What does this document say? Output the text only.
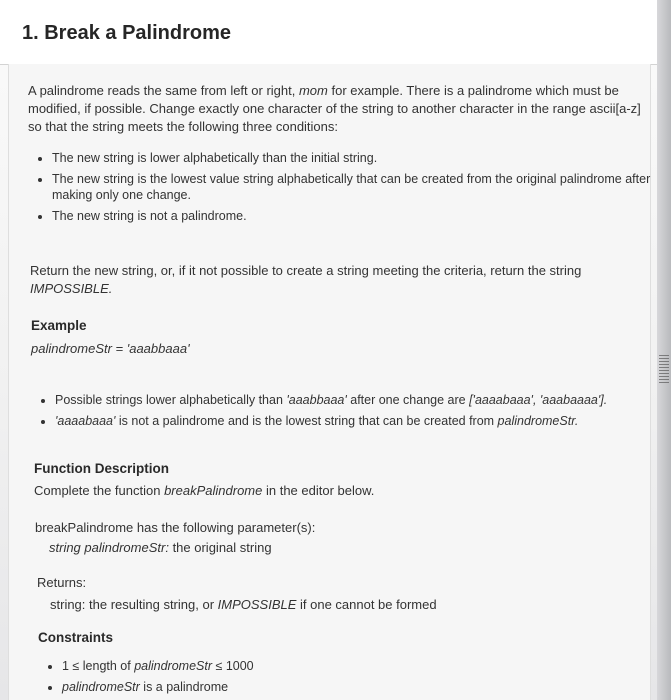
1. Break a Palindrome

A palindrome reads the same from left or right, mom for example. There is a palindrome which must be modified, if possible. Change exactly one character of the string to another character in the range ascii[a-z] so that the string meets the following three conditions:

• The new string is lower alphabetically than the initial string.
• The new string is the lowest value string alphabetically that can be created from the original palindrome after making only one change.
• The new string is not a palindrome.

Return the new string, or, if it not possible to create a string meeting the criteria, return the string IMPOSSIBLE.

Example

palindromeStr = 'aaabbaaa'

• Possible strings lower alphabetically than 'aaabbaaa' after one change are ['aaaabaaa', 'aaabaaaa'].
• 'aaaabaaa' is not a palindrome and is the lowest string that can be created from palindromeStr.
Function Description

Complete the function breakPalindrome in the editor below.

breakPalindrome has the following parameter(s):

string palindromeStr: the original string

Returns:

string: the resulting string, or IMPOSSIBLE if one cannot be formed

Constraints
• 1 ≤ length of palindromeStr ≤ 1000
• palindromeStr is a palindrome
